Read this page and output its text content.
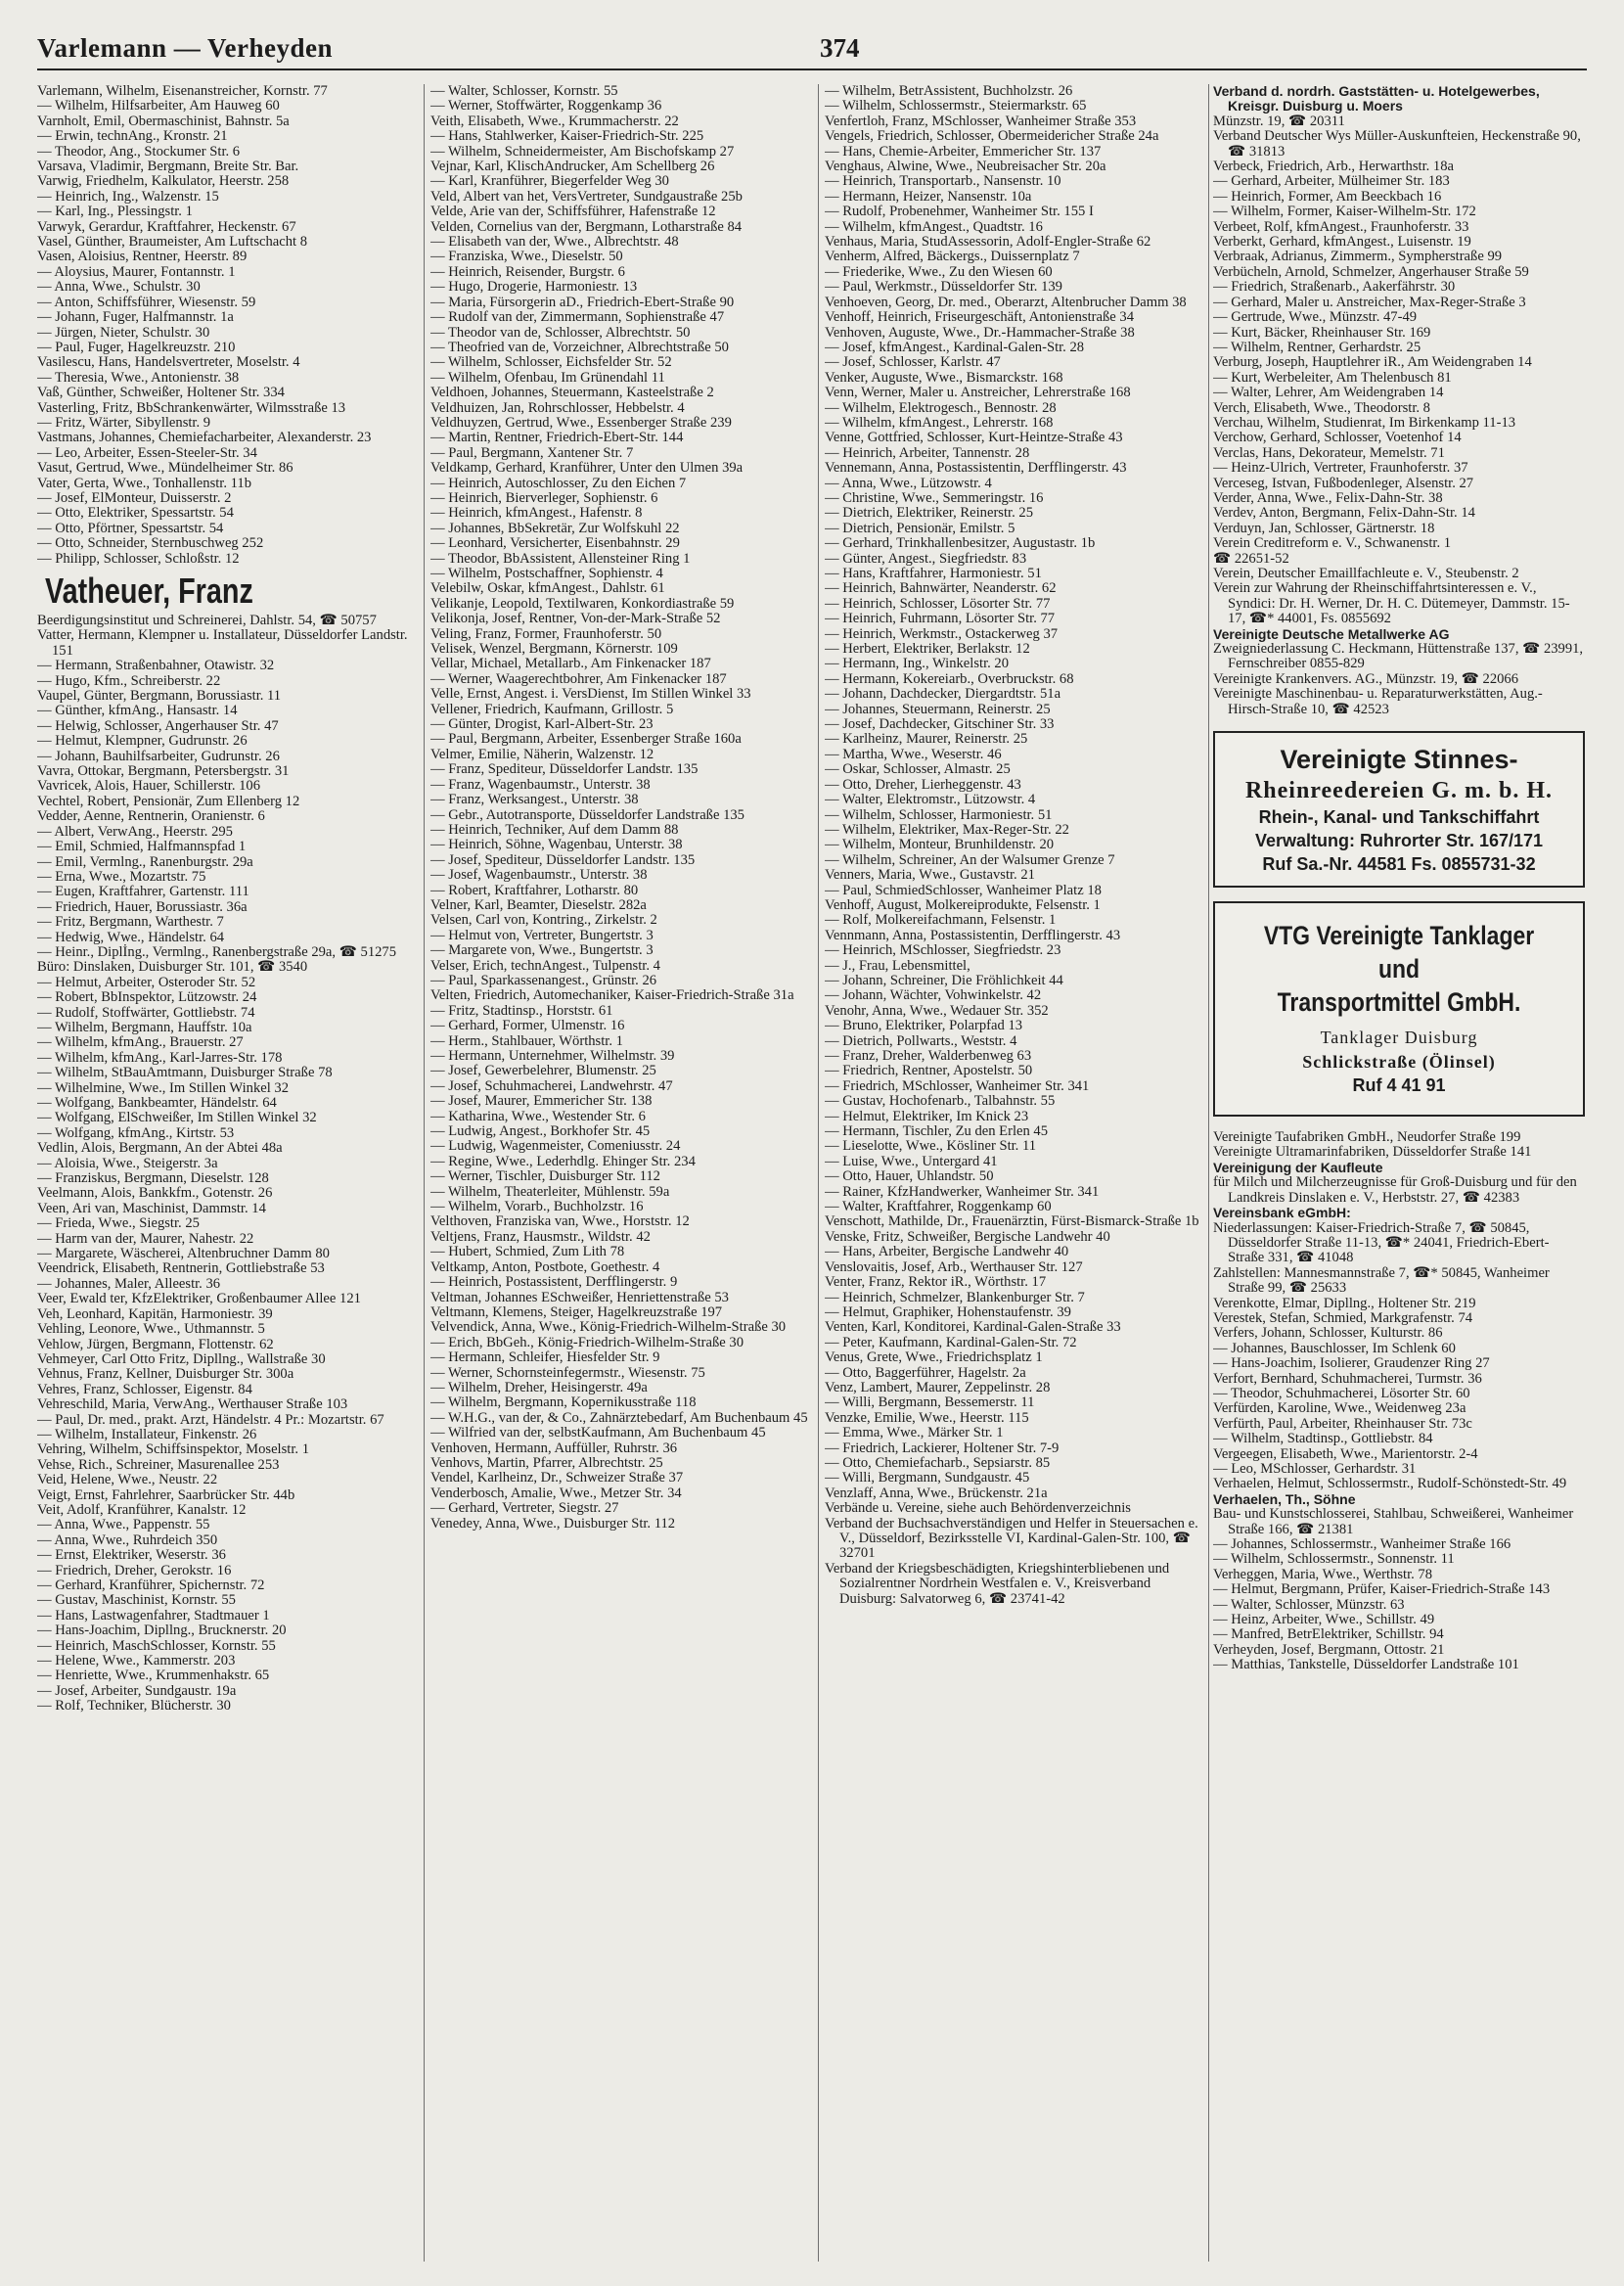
Varlemann — Verheyden	374

Varlemann, Wilhelm, Eisenanstreicher, Kornstr. 77

— Wilhelm, Hilfsarbeiter, Am Hauweg 60

Varnholt, Emil, Obermaschinist, Bahnstr. 5a

— Erwin, technAng., Kronstr. 21

— Theodor, Ang., Stockumer Str. 6

Varsava, Vladimir, Bergmann, Breite Str. Bar.

Varwig, Friedhelm, Kalkulator, Heerstr. 258

— Heinrich, Ing., Walzenstr. 15

— Karl, Ing., Plessingstr. 1

Varwyk, Gerardur, Kraftfahrer, Heckenstr. 67

Vasel, Günther, Braumeister, Am Luftschacht 8

Vasen, Aloisius, Rentner, Heerstr. 89

— Aloysius, Maurer, Fontannstr. 1

— Anna, Wwe., Schulstr. 30

— Anton, Schiffsführer, Wiesenstr. 59

— Johann, Fuger, Halfmannstr. 1a

— Jürgen, Nieter, Schulstr. 30

— Paul, Fuger, Hagelkreuzstr. 210

Vasilescu, Hans, Handelsvertreter, Moselstr. 4

— Theresia, Wwe., Antonienstr. 38

Vaß, Günther, Schweißer, Holtener Str. 334

Vasterling, Fritz, BbSchrankenwärter, Wilmsstraße 13

— Fritz, Wärter, Sibyllenstr. 9

Vastmans, Johannes, Chemiefacharbeiter, Alexanderstr. 23

— Leo, Arbeiter, Essen-Steeler-Str. 34

Vasut, Gertrud, Wwe., Mündelheimer Str. 86

Vater, Gerta, Wwe., Tonhallenstr. 11b

— Josef, ElMonteur, Duisserstr. 2

— Otto, Elektriker, Spessartstr. 54

— Otto, Pförtner, Spessartstr. 54

— Otto, Schneider, Sternbuschweg 252

— Philipp, Schlosser, Schloßstr. 12

Vatheuer, Franz

Beerdigungsinstitut und Schreinerei, Dahlstr. 54, ☎ 50757

Vatter, Hermann, Klempner u. Installateur, Düsseldorfer Landstr. 151

— Hermann, Straßenbahner, Otawistr. 32

— Hugo, Kfm., Schreiberstr. 22

Vaupel, Günter, Bergmann, Borussiastr. 11

— Günther, kfmAng., Hansastr. 14

— Helwig, Schlosser, Angerhauser Str. 47

— Helmut, Klempner, Gudrunstr. 26

— Johann, Bauhilfsarbeiter, Gudrunstr. 26

Vavra, Ottokar, Bergmann, Petersbergstr. 31

Vavricek, Alois, Hauer, Schillerstr. 106

Vechtel, Robert, Pensionär, Zum Ellenberg 12

Vedder, Aenne, Rentnerin, Oranienstr. 6

— Albert, VerwAng., Heerstr. 295

— Emil, Schmied, Halfmannspfad 1

— Emil, Vermlng., Ranenburgstr. 29a

— Erna, Wwe., Mozartstr. 75

— Eugen, Kraftfahrer, Gartenstr. 111

— Friedrich, Hauer, Borussiastr. 36a

— Fritz, Bergmann, Warthestr. 7

— Hedwig, Wwe., Händelstr. 64

— Heinr., Diplİng., Vermlng., Ranenbergstraße 29a, ☎ 51275

Büro: Dinslaken, Duisburger Str. 101, ☎ 3540

— Helmut, Arbeiter, Osteroder Str. 52

— Robert, BbInspektor, Lützowstr. 24

— Rudolf, Stoffwärter, Gottliebstr. 74

— Wilhelm, Bergmann, Hauffstr. 10a

— Wilhelm, kfmAng., Brauerstr. 27

— Wilhelm, kfmAng., Karl-Jarres-Str. 178

— Wilhelm, StBauAmtmann, Duisburger Straße 78

— Wilhelmine, Wwe., Im Stillen Winkel 32

— Wolfgang, Bankbeamter, Händelstr. 64

— Wolfgang, ElSchweißer, Im Stillen Winkel 32

— Wolfgang, kfmAng., Kirtstr. 53

Vedlin, Alois, Bergmann, An der Abtei 48a

— Aloisia, Wwe., Steigerstr. 3a

— Franziskus, Bergmann, Dieselstr. 128

Veelmann, Alois, Bankkfm., Gotenstr. 26

Veen, Ari van, Maschinist, Dammstr. 14

— Frieda, Wwe., Siegstr. 25

— Harm van der, Maurer, Nahestr. 22

— Margarete, Wäscherei, Altenbruchner Damm 80

Veendrick, Elisabeth, Rentnerin, Gottliebstraße 53

— Johannes, Maler, Alleestr. 36

Veer, Ewald ter, KfzElektriker, Großenbaumer Allee 121

Veh, Leonhard, Kapitän, Harmoniestr. 39

Vehling, Leonore, Wwe., Uthmannstr. 5

Vehlow, Jürgen, Bergmann, Flottenstr. 62

Vehmeyer, Carl Otto Fritz, Dipllng., Wallstraße 30

Vehnus, Franz, Kellner, Duisburger Str. 300a

Vehres, Franz, Schlosser, Eigenstr. 84

Vehreschild, Maria, VerwAng., Werthauser Straße 103

— Paul, Dr. med., prakt. Arzt, Händelstr. 4 Pr.: Mozartstr. 67

— Wilhelm, Installateur, Finkenstr. 26

Vehring, Wilhelm, Schiffsinspektor, Moselstr. 1

Vehse, Rich., Schreiner, Masurenallee 253

Veid, Helene, Wwe., Neustr. 22

Veigt, Ernst, Fahrlehrer, Saarbrücker Str. 44b

Veit, Adolf, Kranführer, Kanalstr. 12

— Anna, Wwe., Pappenstr. 55

— Anna, Wwe., Ruhrdeich 350

— Ernst, Elektriker, Weserstr. 36

— Friedrich, Dreher, Gerokstr. 16

— Gerhard, Kranführer, Spichernstr. 72

— Gustav, Maschinist, Kornstr. 55

— Hans, Lastwagenfahrer, Stadtmauer 1

— Hans-Joachim, Dipllng., Brucknerstr. 20

— Heinrich, MaschSchlosser, Kornstr. 55

— Helene, Wwe., Kammerstr. 203

— Henriette, Wwe., Krummenhakstr. 65

— Josef, Arbeiter, Sundgaustr. 19a

— Rolf, Techniker, Blücherstr. 30

— Walter, Schlosser, Kornstr. 55

— Werner, Stoffwärter, Roggenkamp 36

Veith, Elisabeth, Wwe., Krummacherstr. 22

— Hans, Stahlwerker, Kaiser-Friedrich-Str. 225

— Wilhelm, Schneidermeister, Am Bischofskamp 27

Vejnar, Karl, KlischAndrucker, Am Schellberg 26

— Karl, Kranführer, Biegerfelder Weg 30

Veld, Albert van het, VersVertreter, Sundgaustraße 25b

Velde, Arie van der, Schiffsführer, Hafenstraße 12

Velden, Cornelius van der, Bergmann, Lotharstraße 84

— Elisabeth van der, Wwe., Albrechtstr. 48

— Franziska, Wwe., Dieselstr. 50

— Heinrich, Reisender, Burgstr. 6

— Hugo, Drogerie, Harmoniestr. 13

— Maria, Fürsorgerin aD., Friedrich-Ebert-Straße 90

— Rudolf van der, Zimmermann, Sophienstraße 47

— Theodor van de, Schlosser, Albrechtstr. 50

— Theofried van de, Vorzeichner, Albrechtstraße 50

— Wilhelm, Schlosser, Eichsfelder Str. 52

— Wilhelm, Ofenbau, Im Grünendahl 11

Veldhoen, Johannes, Steuermann, Kasteelstraße 2

Veldhuizen, Jan, Rohrschlosser, Hebbelstr. 4

Veldhuyzen, Gertrud, Wwe., Essenberger Straße 239

— Martin, Rentner, Friedrich-Ebert-Str. 144

— Paul, Bergmann, Xantener Str. 7

Veldkamp, Gerhard, Kranführer, Unter den Ulmen 39a

— Heinrich, Autoschlosser, Zu den Eichen 7

— Heinrich, Bierverleger, Sophienstr. 6

— Heinrich, kfmAngest., Hafenstr. 8

— Johannes, BbSekretär, Zur Wolfskuhl 22

— Leonhard, Versicherter, Eisenbahnstr. 29

— Theodor, BbAssistent, Allensteiner Ring 1

— Wilhelm, Postschaffner, Sophienstr. 4

Velebilw, Oskar, kfmAngest., Dahlstr. 61

Velikanje, Leopold, Textilwaren, Konkordiastraße 59

Velikonja, Josef, Rentner, Von-der-Mark-Straße 52

Veling, Franz, Former, Fraunhoferstr. 50

Velisek, Wenzel, Bergmann, Körnerstr. 109

Vellar, Michael, Metallarb., Am Finkenacker 187

— Werner, Waagerechtbohrer, Am Finkenacker 187

Velle, Ernst, Angest. i. VersDienst, Im Stillen Winkel 33

Vellener, Friedrich, Kaufmann, Grillostr. 5

— Günter, Drogist, Karl-Albert-Str. 23

— Paul, Bergmann, Arbeiter, Essenberger Straße 160a

Velmer, Emilie, Näherin, Walzenstr. 12

— Franz, Spediteur, Düsseldorfer Landstr. 135

— Franz, Wagenbaumstr., Unterstr. 38

— Franz, Werksangest., Unterstr. 38

— Gebr., Autotransporte, Düsseldorfer Landstraße 135

— Heinrich, Techniker, Auf dem Damm 88

— Heinrich, Söhne, Wagenbau, Unterstr. 38

— Josef, Spediteur, Düsseldorfer Landstr. 135

— Josef, Wagenbaumstr., Unterstr. 38

— Robert, Kraftfahrer, Lotharstr. 80

Velner, Karl, Beamter, Dieselstr. 282a

Velsen, Carl von, Kontring., Zirkelstr. 2

— Helmut von, Vertreter, Bungertstr. 3

— Margarete von, Wwe., Bungertstr. 3

Velser, Erich, technAngest., Tulpenstr. 4

— Paul, Sparkassenangest., Grünstr. 26

Velten, Friedrich, Automechaniker, Kaiser-Friedrich-Straße 31a

— Fritz, Stadtinsp., Horststr. 61

— Gerhard, Former, Ulmenstr. 16

— Herm., Stahlbauer, Wörthstr. 1

— Hermann, Unternehmer, Wilhelmstr. 39

— Josef, Gewerbelehrer, Blumenstr. 25

— Josef, Schuhmacherei, Landwehrstr. 47

— Josef, Maurer, Emmericher Str. 138

— Katharina, Wwe., Westender Str. 6

— Ludwig, Angest., Borkhofer Str. 45

— Ludwig, Wagenmeister, Comeniusstr. 24

— Regine, Wwe., Lederhdlg. Ehinger Str. 234

— Werner, Tischler, Duisburger Str. 112

— Wilhelm, Theaterleiter, Mühlenstr. 59a

— Wilhelm, Vorarb., Buchholzstr. 16

Velthoven, Franziska van, Wwe., Horststr. 12

Veltjens, Franz, Hausmstr., Wildstr. 42

— Hubert, Schmied, Zum Lith 78

Veltkamp, Anton, Postbote, Goethestr. 4

— Heinrich, Postassistent, Derfflingerstr. 9

Veltman, Johannes ESchweißer, Henriettenstraße 53

Veltmann, Klemens, Steiger, Hagelkreuzstraße 197

Velvendick, Anna, Wwe., König-Friedrich-Wilhelm-Straße 30

— Erich, BbGeh., König-Friedrich-Wilhelm-Straße 30

— Hermann, Schleifer, Hiesfelder Str. 9

— Werner, Schornsteinfegermstr., Wiesenstr. 75

— Wilhelm, Dreher, Heisingerstr. 49a

— Wilhelm, Bergmann, Kopernikusstraße 118

— W.H.G., van der, & Co., Zahnärztebedarf, Am Buchenbaum 45

— Wilfried van der, selbstKaufmann, Am Buchenbaum 45

Venhoven, Hermann, Auffüller, Ruhrstr. 36

Venhovs, Martin, Pfarrer, Albrechtstr. 25

Vendel, Karlheinz, Dr., Schweizer Straße 37

Venderbosch, Amalie, Wwe., Metzer Str. 34

— Gerhard, Vertreter, Siegstr. 27

Venedey, Anna, Wwe., Duisburger Str. 112

— Wilhelm, BetrAssistent, Buchholzstr. 26

— Wilhelm, Schlossermstr., Steiermarkstr. 65

Venfertloh, Franz, MSchlosser, Wanheimer Straße 353

Vengels, Friedrich, Schlosser, Obermeidericher Straße 24a

— Hans, Chemie-Arbeiter, Emmericher Str. 137

Venghaus, Alwine, Wwe., Neubreisacher Str. 20a

— Heinrich, Transportarb., Nansenstr. 10

— Hermann, Heizer, Nansenstr. 10a

— Rudolf, Probenehmer, Wanheimer Str. 155 I

— Wilhelm, kfmAngest., Quadtstr. 16

Venhaus, Maria, StudAssessorin, Adolf-Engler-Straße 62

Venherm, Alfred, Bäckergs., Duissernplatz 7

— Friederike, Wwe., Zu den Wiesen 60

— Paul, Werkmstr., Düsseldorfer Str. 139

Venhoeven, Georg, Dr. med., Oberarzt, Altenbrucher Damm 38

Venhoff, Heinrich, Friseurgeschäft, Antonienstraße 34

Venhoven, Auguste, Wwe., Dr.-Hammacher-Straße 38

— Josef, kfmAngest., Kardinal-Galen-Str. 28

— Josef, Schlosser, Karlstr. 47

Venker, Auguste, Wwe., Bismarckstr. 168

Venn, Werner, Maler u. Anstreicher, Lehrerstraße 168

— Wilhelm, Elektrogesch., Bennostr. 28

— Wilhelm, kfmAngest., Lehrerstr. 168

Venne, Gottfried, Schlosser, Kurt-Heintze-Straße 43

— Heinrich, Arbeiter, Tannenstr. 28

Vennemann, Anna, Postassistentin, Derfflingerstr. 43

— Anna, Wwe., Lützowstr. 4

— Christine, Wwe., Semmeringstr. 16

— Dietrich, Elektriker, Reinerstr. 25

— Dietrich, Pensionär, Emilstr. 5

— Gerhard, Trinkhallenbesitzer, Augustastr. 1b

— Günter, Angest., Siegfriedstr. 83

— Hans, Kraftfahrer, Harmoniestr. 51

— Heinrich, Bahnwärter, Neanderstr. 62

— Heinrich, Schlosser, Lösorter Str. 77

— Heinrich, Fuhrmann, Lösorter Str. 77

— Heinrich, Werkmstr., Ostackerweg 37

— Herbert, Elektriker, Berlakstr. 12

— Hermann, Ing., Winkelstr. 20

— Hermann, Kokereiarb., Overbruckstr. 68

— Johann, Dachdecker, Diergardtstr. 51a

— Johannes, Steuermann, Reinerstr. 25

— Josef, Dachdecker, Gitschiner Str. 33

— Karlheinz, Maurer, Reinerstr. 25

— Martha, Wwe., Weserstr. 46

— Oskar, Schlosser, Almastr. 25

— Otto, Dreher, Lierheggenstr. 43

— Walter, Elektromstr., Lützowstr. 4

— Wilhelm, Schlosser, Harmoniestr. 51

— Wilhelm, Elektriker, Max-Reger-Str. 22

— Wilhelm, Monteur, Brunhildenstr. 20

— Wilhelm, Schreiner, An der Walsumer Grenze 7

Venners, Maria, Wwe., Gustavstr. 21

— Paul, SchmiedSchlosser, Wanheimer Platz 18

Venhoff, August, Molkereiprodukte, Felsenstr. 1

— Rolf, Molkereifachmann, Felsenstr. 1

Vennmann, Anna, Postassistentin, Derfflingerstr. 43

— Heinrich, MSchlosser, Siegfriedstr. 23

— J., Frau, Lebensmittel,

— Johann, Schreiner, Die Fröhlichkeit 44

— Johann, Wächter, Vohwinkelstr. 42

Venohr, Anna, Wwe., Wedauer Str. 352

— Bruno, Elektriker, Polarpfad 13

— Dietrich, Pollwarts., Weststr. 4

— Franz, Dreher, Walderbenweg 63

— Friedrich, Rentner, Apostelstr. 50

— Friedrich, MSchlosser, Wanheimer Str. 341

— Gustav, Hochofenarb., Talbahnstr. 55

— Helmut, Elektriker, Im Knick 23

— Hermann, Tischler, Zu den Erlen 45

— Lieselotte, Wwe., Kösliner Str. 11

— Luise, Wwe., Untergard 41

— Otto, Hauer, Uhlandstr. 50

— Rainer, KfzHandwerker, Wanheimer Str. 341

— Walter, Kraftfahrer, Roggenkamp 60

Venschott, Mathilde, Dr., Frauenärztin, Fürst-Bismarck-Straße 1b

Venske, Fritz, Schweißer, Bergische Landwehr 40

— Hans, Arbeiter, Bergische Landwehr 40

Venslovaitis, Josef, Arb., Werthauser Str. 127

Venter, Franz, Rektor iR., Wörthstr. 17

— Heinrich, Schmelzer, Blankenburger Str. 7

— Helmut, Graphiker, Hohenstaufenstr. 39

Venten, Karl, Konditorei, Kardinal-Galen-Straße 33

— Peter, Kaufmann, Kardinal-Galen-Str. 72

Venus, Grete, Wwe., Friedrichsplatz 1

— Otto, Baggerführer, Hagelstr. 2a

Venz, Lambert, Maurer, Zeppelinstr. 28

— Willi, Bergmann, Bessemerstr. 11

Venzke, Emilie, Wwe., Heerstr. 115

— Emma, Wwe., Märker Str. 1

— Friedrich, Lackierer, Holtener Str. 7-9

— Otto, Chemiefacharb., Sepsiarstr. 85

— Willi, Bergmann, Sundgaustr. 45

Venzlaff, Anna, Wwe., Brückenstr. 21a

Verbände u. Vereine, siehe auch Behördenverzeichnis

Verband der Buchsachverständigen und Helfer in Steuersachen e. V., Düsseldorf, Bezirksstelle VI, Kardinal-Galen-Str. 100, ☎ 32701

Verband der Kriegsbeschädigten, Kriegshinterbliebenen und Sozialrentner Nordrhein Westfalen e. V., Kreisverband Duisburg: Salvatorweg 6, ☎ 23741-42

Verband d. nordrh. Gaststätten- u. Hotelgewerbes, Kreisgr. Duisburg u. Moers

Münzstr. 19, ☎ 20311

Verband Deutscher Wys Müller-Auskunfteien, Heckenstraße 90, ☎ 31813

Verbeck, Friedrich, Arb., Herwarthstr. 18a

— Gerhard, Arbeiter, Mülheimer Str. 183

— Heinrich, Former, Am Beeckbach 16

— Wilhelm, Former, Kaiser-Wilhelm-Str. 172

Verbeet, Rolf, kfmAngest., Fraunhoferstr. 33

Verberkt, Gerhard, kfmAngest., Luisenstr. 19

Verbraak, Adrianus, Zimmerm., Sympherstraße 99

Verbücheln, Arnold, Schmelzer, Angerhauser Straße 59

— Friedrich, Straßenarb., Aakerfährstr. 30

— Gerhard, Maler u. Anstreicher, Max-Reger-Straße 3

— Gertrude, Wwe., Münzstr. 47-49

— Kurt, Bäcker, Rheinhauser Str. 169

— Wilhelm, Rentner, Gerhardstr. 25

Verburg, Joseph, Hauptlehrer iR., Am Weidengraben 14

— Kurt, Werbeleiter, Am Thelenbusch 81

— Walter, Lehrer, Am Weidengraben 14

Verch, Elisabeth, Wwe., Theodorstr. 8

Verchau, Wilhelm, Studienrat, Im Birkenkamp 11-13

Verchow, Gerhard, Schlosser, Voetenhof 14

Verclas, Hans, Dekorateur, Memelstr. 71

— Heinz-Ulrich, Vertreter, Fraunhoferstr. 37

Verceseg, Istvan, Fußbodenleger, Alsenstr. 27

Verder, Anna, Wwe., Felix-Dahn-Str. 38

Verdev, Anton, Bergmann, Felix-Dahn-Str. 14

Verduyn, Jan, Schlosser, Gärtnerstr. 18

Verein Creditreform e. V., Schwanenstr. 1

☎ 22651-52

Verein, Deutscher Emaillfachleute e. V., Steubenstr. 2

Verein zur Wahrung der Rheinschiffahrtsinteressen e. V., Syndici: Dr. H. Werner, Dr. H. C. Dütemeyer, Dammstr. 15-17, ☎* 44001, Fs. 0855692

Vereinigte Deutsche Metallwerke AG

Zweigniederlassung C. Heckmann, Hüttenstraße 137, ☎ 23991, Fernschreiber 0855-829

Vereinigte Krankenvers. AG., Münzstr. 19, ☎ 22066

Vereinigte Maschinenbau- u. Reparaturwerkstätten, Aug.-Hirsch-Straße 10, ☎ 42523

Vereinigte Stinnes-
Rheinreedereien G. m. b. H.
Rhein-, Kanal- und Tankschiffahrt
Verwaltung: Ruhrorter Str. 167/171
Ruf Sa.-Nr. 44581 Fs. 0855731-32
VTG Vereinigte Tanklager und
Transportmittel GmbH.
Tanklager Duisburg
Schlickstraße (Ölinsel)
Ruf 4 41 91

Vereinigte Taufabriken GmbH., Neudorfer Straße 199

Vereinigte Ultramarinfabriken, Düsseldorfer Straße 141

Vereinigung der Kaufleute

für Milch und Milcherzeugnisse für Groß-Duisburg und für den Landkreis Dinslaken e. V., Herbststr. 27, ☎ 42383

Vereinsbank eGmbH:

Niederlassungen: Kaiser-Friedrich-Straße 7, ☎ 50845, Düsseldorfer Straße 11-13, ☎* 24041, Friedrich-Ebert-Straße 331, ☎ 41048

Zahlstellen: Mannesmannstraße 7, ☎* 50845, Wanheimer Straße 99, ☎ 25633

Verenkotte, Elmar, Dipllng., Holtener Str. 219

Verestek, Stefan, Schmied, Markgrafenstr. 74

Verfers, Johann, Schlosser, Kulturstr. 86

— Johannes, Bauschlosser, Im Schlenk 60

— Hans-Joachim, Isolierer, Graudenzer Ring 27

Verfort, Bernhard, Schuhmacherei, Turmstr. 36

— Theodor, Schuhmacherei, Lösorter Str. 60

Verfürden, Karoline, Wwe., Weidenweg 23a

Verfürth, Paul, Arbeiter, Rheinhauser Str. 73c

— Wilhelm, Stadtinsp., Gottliebstr. 84

Vergeegen, Elisabeth, Wwe., Marientorstr. 2-4

— Leo, MSchlosser, Gerhardstr. 31

Verhaelen, Helmut, Schlossermstr., Rudolf-Schönstedt-Str. 49

Verhaelen, Th., Söhne

Bau- und Kunstschlosserei, Stahlbau, Schweißerei, Wanheimer Straße 166, ☎ 21381

— Johannes, Schlossermstr., Wanheimer Straße 166

— Wilhelm, Schlossermstr., Sonnenstr. 11

Verheggen, Maria, Wwe., Werthstr. 78

— Helmut, Bergmann, Prüfer, Kaiser-Friedrich-Straße 143

— Walter, Schlosser, Münzstr. 63

— Heinz, Arbeiter, Wwe., Schillstr. 49

— Manfred, BetrElektriker, Schillstr. 94

Verheyden, Josef, Bergmann, Ottostr. 21

— Matthias, Tankstelle, Düsseldorfer Landstraße 101
